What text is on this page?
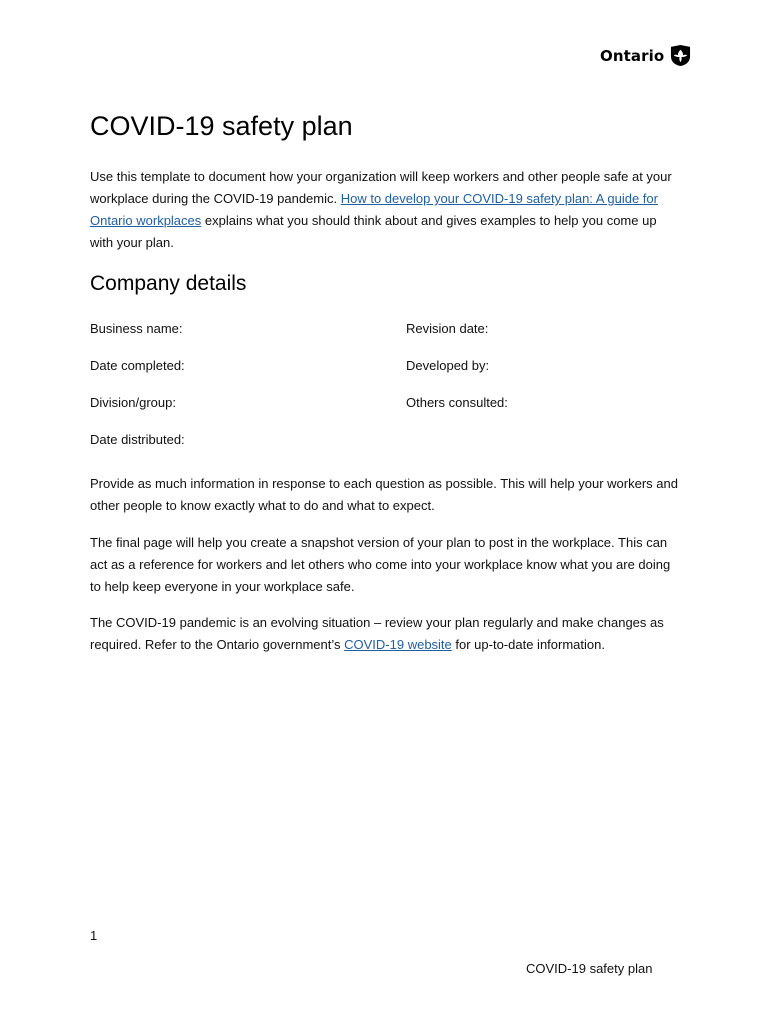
Ontario
COVID-19 safety plan

Use this template to document how your organization will keep workers and other people safe at your workplace during the COVID-19 pandemic. How to develop your COVID-19 safety plan: A guide for Ontario workplaces explains what you should think about and gives examples to help you come up with your plan.

Company details
Business name:
Date completed:
Division/group:
Date distributed:
Revision date:
Developed by:
Others consulted:

Provide as much information in response to each question as possible. This will help your workers and other people to know exactly what to do and what to expect.

The final page will help you create a snapshot version of your plan to post in the workplace. This can act as a reference for workers and let others who come into your workplace know what you are doing to help keep everyone in your workplace safe.

The COVID-19 pandemic is an evolving situation – review your plan regularly and make changes as required. Refer to the Ontario government’s COVID-19 website for up-to-date information.

1
COVID-19 safety plan
